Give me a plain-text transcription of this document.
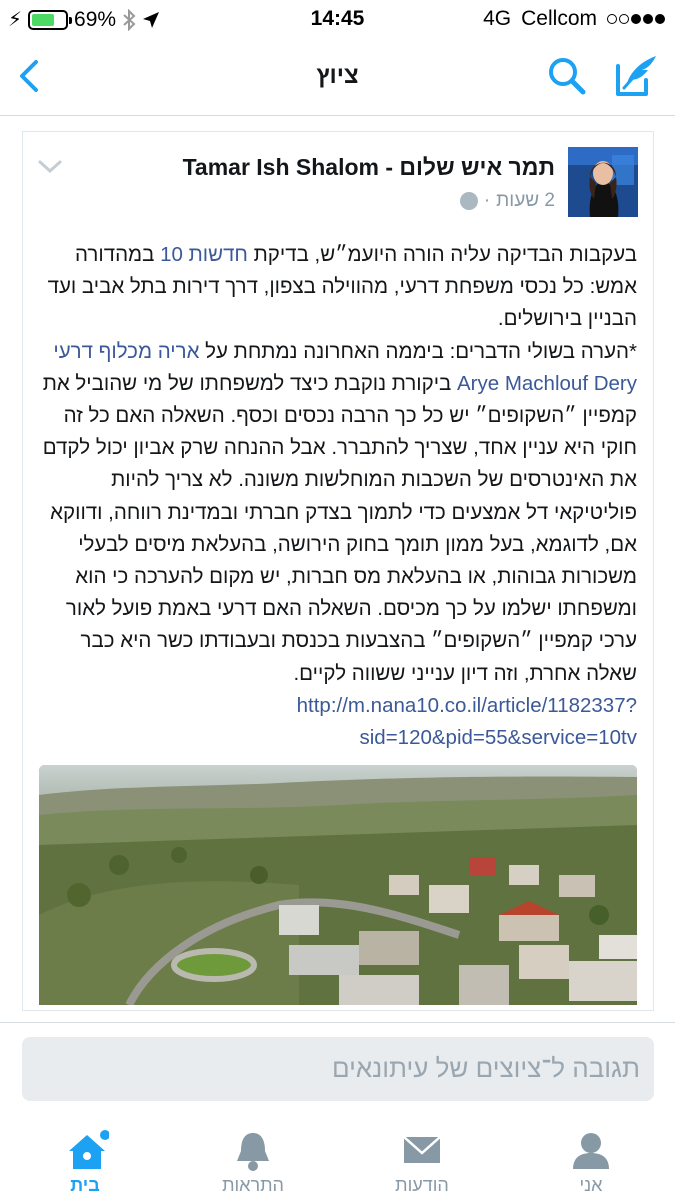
⚡ 69%	14:45	4G Cellcom
ציוץ
תמר איש שלום - Tamar Ish Shalom
2 שעות
·
בעקבות הבדיקה עליה הורה היועמ״ש, בדיקת חדשות 10 במהדורה אמש: כל נכסי משפחת דרעי, מהווילה בצפון, דרך דירות בתל אביב ועד הבניין בירושלים.
*הערה בשולי הדברים: ביממה האחרונה נמתחת על אריה מכלוף דרעי Arye Machlouf Dery ביקורת נוקבת כיצד למשפחתו של מי שהוביל את קמפיין ״השקופים״ יש כל כך הרבה נכסים וכסף. השאלה האם כל זה חוקי היא עניין אחד, שצריך להתברר. אבל ההנחה שרק אביון יכול לקדם את האינטרסים של השכבות המוחלשות משונה. לא צריך להיות פוליטיקאי דל אמצעים כדי לתמוך בצדק חברתי ובמדינת רווחה, ודווקא אם, לדוגמא, בעל ממון תומך בחוק הירושה, בהעלאת מיסים לבעלי משכורות גבוהות, או בהעלאת מס חברות, יש מקום להערכה כי הוא ומשפחתו ישלמו על כך מכיסם. השאלה האם דרעי באמת פועל לאור ערכי קמפיין ״השקופים״ בהצבעות בכנסת ובעבודתו כשר היא כבר שאלה אחרת, וזה דיון ענייני ששווה לקיים.
http://m.nana10.co.il/article/1182337?
sid=120&pid=55&service=10tv
תגובה ל־ציוצים של עיתונאים
בית	התראות	הודעות	אני
